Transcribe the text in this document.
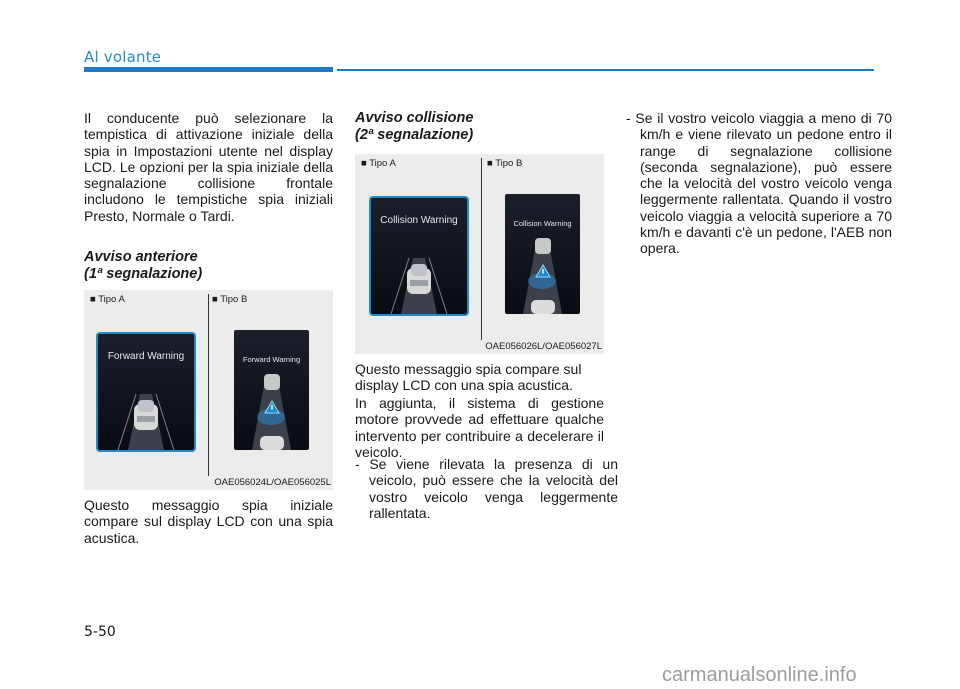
Al volante

Il conducente può selezionare la tempistica di attivazione iniziale della spia in Impostazioni utente nel display LCD. Le opzioni per la spia iniziale della segnalazione collisione frontale includono le tempistiche spia iniziali Presto, Normale o Tardi.

Avviso anteriore
(1ª segnalazione)
■ Tipo A	■ Tipo B
Forward Warning	Forward Warning
OAE056024L/OAE056025L

Questo messaggio spia iniziale compare sul display LCD con una spia acustica.

Avviso collisione
(2ª segnalazione)
■ Tipo A	■ Tipo B
Collision Warning	Collision Warning
OAE056026L/OAE056027L

Questo messaggio spia compare sul display LCD con una spia acustica.

In aggiunta, il sistema di gestione motore provvede ad effettuare qualche intervento per contribuire a decelerare il veicolo.

- Se viene rilevata la presenza di un veicolo, può essere che la velocità del vostro veicolo venga leggermente rallentata.

- Se il vostro veicolo viaggia a meno di 70 km/h e viene rilevato un pedone entro il range di segnalazione collisione (seconda segnalazione), può essere che la velocità del vostro veicolo venga leggermente rallentata. Quando il vostro veicolo viaggia a velocità superiore a 70 km/h e davanti c'è un pedone, l'AEB non opera.

5-50
carmanualsonline.info
